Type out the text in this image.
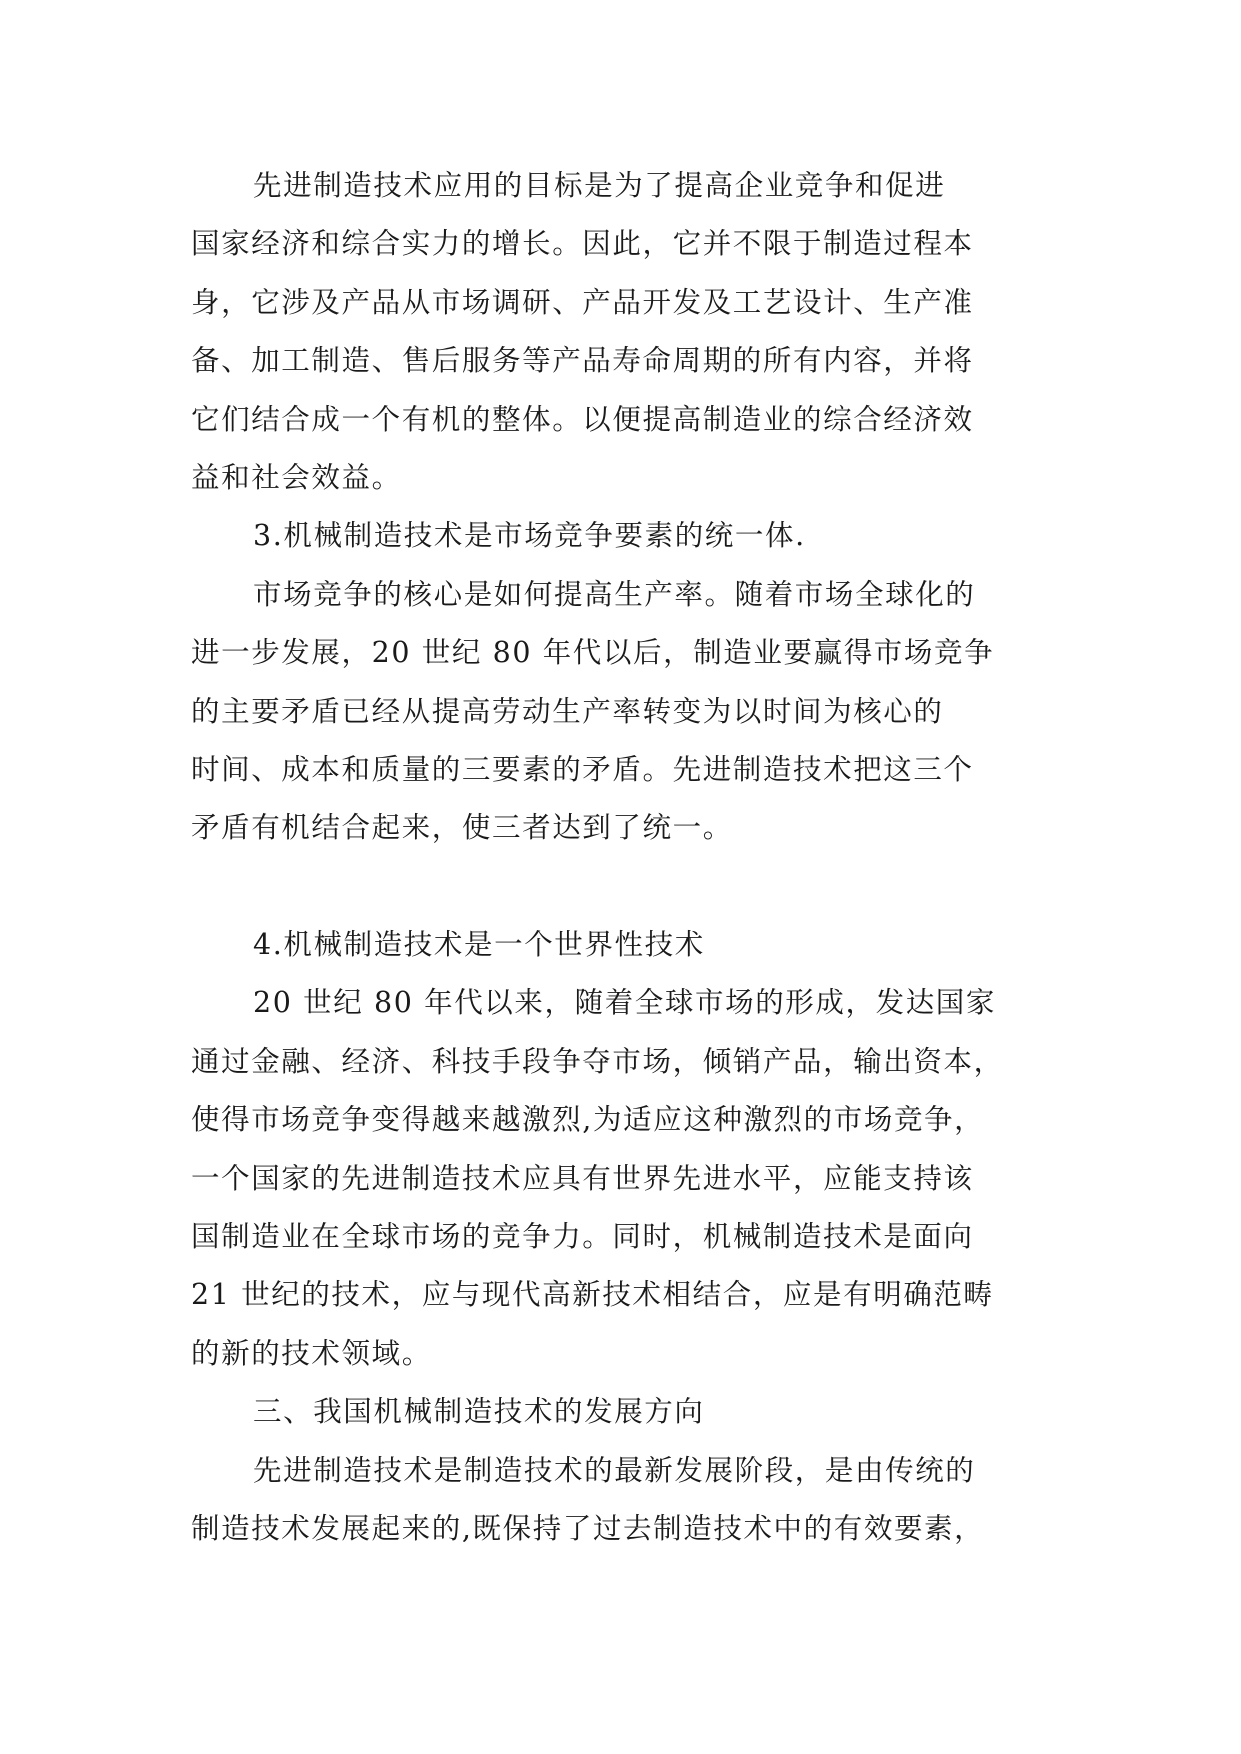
先进制造技术应用的目标是为了提高企业竞争和促进

国家经济和综合实力的增长。因此，它并不限于制造过程本

身，它涉及产品从市场调研、产品开发及工艺设计、生产准

备、加工制造、售后服务等产品寿命周期的所有内容，并将

它们结合成一个有机的整体。以便提高制造业的综合经济效

益和社会效益。

3.机械制造技术是市场竞争要素的统一体.

市场竞争的核心是如何提高生产率。随着市场全球化的

进一步发展，20 世纪 80 年代以后，制造业要赢得市场竞争

的主要矛盾已经从提高劳动生产率转变为以时间为核心的

时间、成本和质量的三要素的矛盾。先进制造技术把这三个

矛盾有机结合起来，使三者达到了统一。

4.机械制造技术是一个世界性技术

20 世纪 80 年代以来，随着全球市场的形成，发达国家

通过金融、经济、科技手段争夺市场，倾销产品，输出资本，

使得市场竞争变得越来越激烈,为适应这种激烈的市场竞争，

一个国家的先进制造技术应具有世界先进水平，应能支持该

国制造业在全球市场的竞争力。同时，机械制造技术是面向

21 世纪的技术，应与现代高新技术相结合，应是有明确范畴

的新的技术领域。

三、我国机械制造技术的发展方向

先进制造技术是制造技术的最新发展阶段，是由传统的

制造技术发展起来的,既保持了过去制造技术中的有效要素，
